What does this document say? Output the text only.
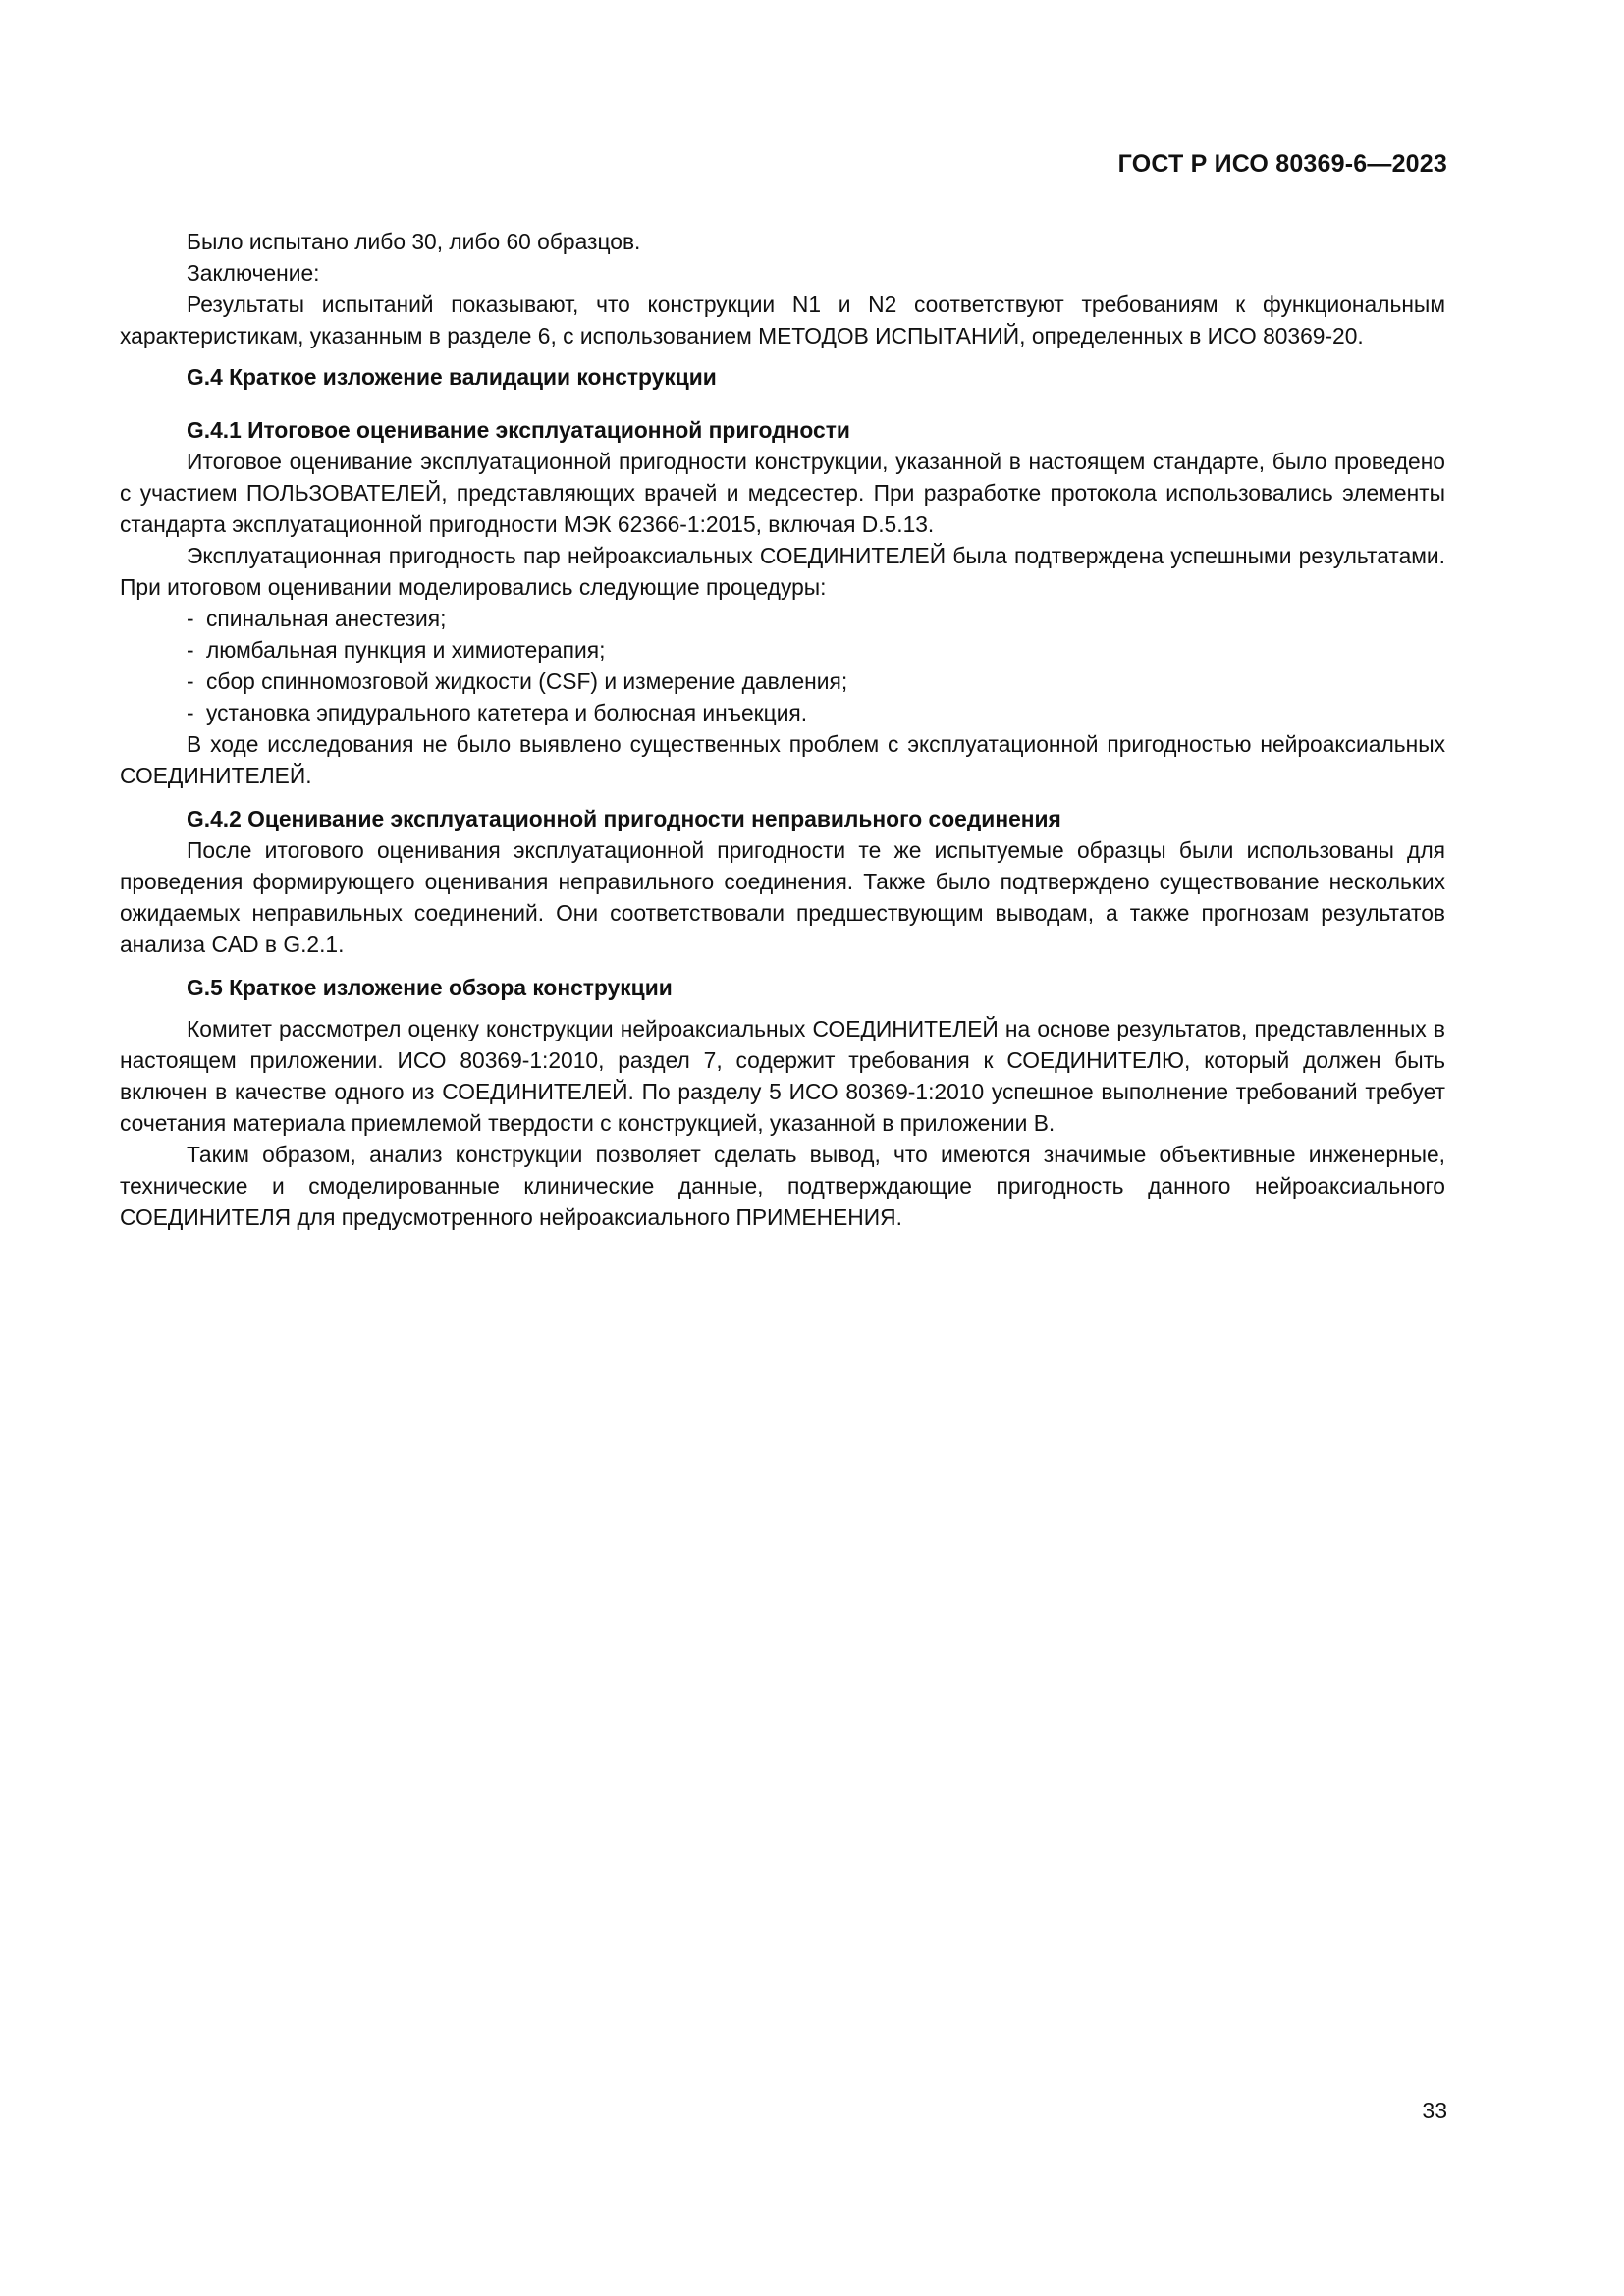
ГОСТ Р ИСО 80369-6—2023

Было испытано либо 30, либо 60 образцов.

Заключение:

Результаты испытаний показывают, что конструкции N1 и N2 соответствуют требованиям к функциональным характеристикам, указанным в разделе 6, с использованием МЕТОДОВ ИСПЫТАНИЙ, определенных в ИСО 80369-20.

G.4 Краткое изложение валидации конструкции
G.4.1 Итоговое оценивание эксплуатационной пригодности

Итоговое оценивание эксплуатационной пригодности конструкции, указанной в настоящем стандарте, было проведено с участием ПОЛЬЗОВАТЕЛЕЙ, представляющих врачей и медсестер. При разработке протокола использовались элементы стандарта эксплуатационной пригодности МЭК 62366-1:2015, включая D.5.13.

Эксплуатационная пригодность пар нейроаксиальных СОЕДИНИТЕЛЕЙ была подтверждена успешными результатами. При итоговом оценивании моделировались следующие процедуры:

- спинальная анестезия;
- люмбальная пункция и химиотерапия;
- сбор спинномозговой жидкости (CSF) и измерение давления;
- установка эпидурального катетера и болюсная инъекция.

В ходе исследования не было выявлено существенных проблем с эксплуатационной пригодностью нейроаксиальных СОЕДИНИТЕЛЕЙ.

G.4.2 Оценивание эксплуатационной пригодности неправильного соединения

После итогового оценивания эксплуатационной пригодности те же испытуемые образцы были использованы для проведения формирующего оценивания неправильного соединения. Также было подтверждено существование нескольких ожидаемых неправильных соединений. Они соответствовали предшествующим выводам, а также прогнозам результатов анализа CAD в G.2.1.

G.5 Краткое изложение обзора конструкции

Комитет рассмотрел оценку конструкции нейроаксиальных СОЕДИНИТЕЛЕЙ на основе результатов, представленных в настоящем приложении. ИСО 80369-1:2010, раздел 7, содержит требования к СОЕДИНИТЕЛЮ, который должен быть включен в качестве одного из СОЕДИНИТЕЛЕЙ. По разделу 5 ИСО 80369-1:2010 успешное выполнение требований требует сочетания материала приемлемой твердости с конструкцией, указанной в приложении В.

Таким образом, анализ конструкции позволяет сделать вывод, что имеются значимые объективные инженерные, технические и смоделированные клинические данные, подтверждающие пригодность данного нейроаксиального СОЕДИНИТЕЛЯ для предусмотренного нейроаксиального ПРИМЕНЕНИЯ.

33
